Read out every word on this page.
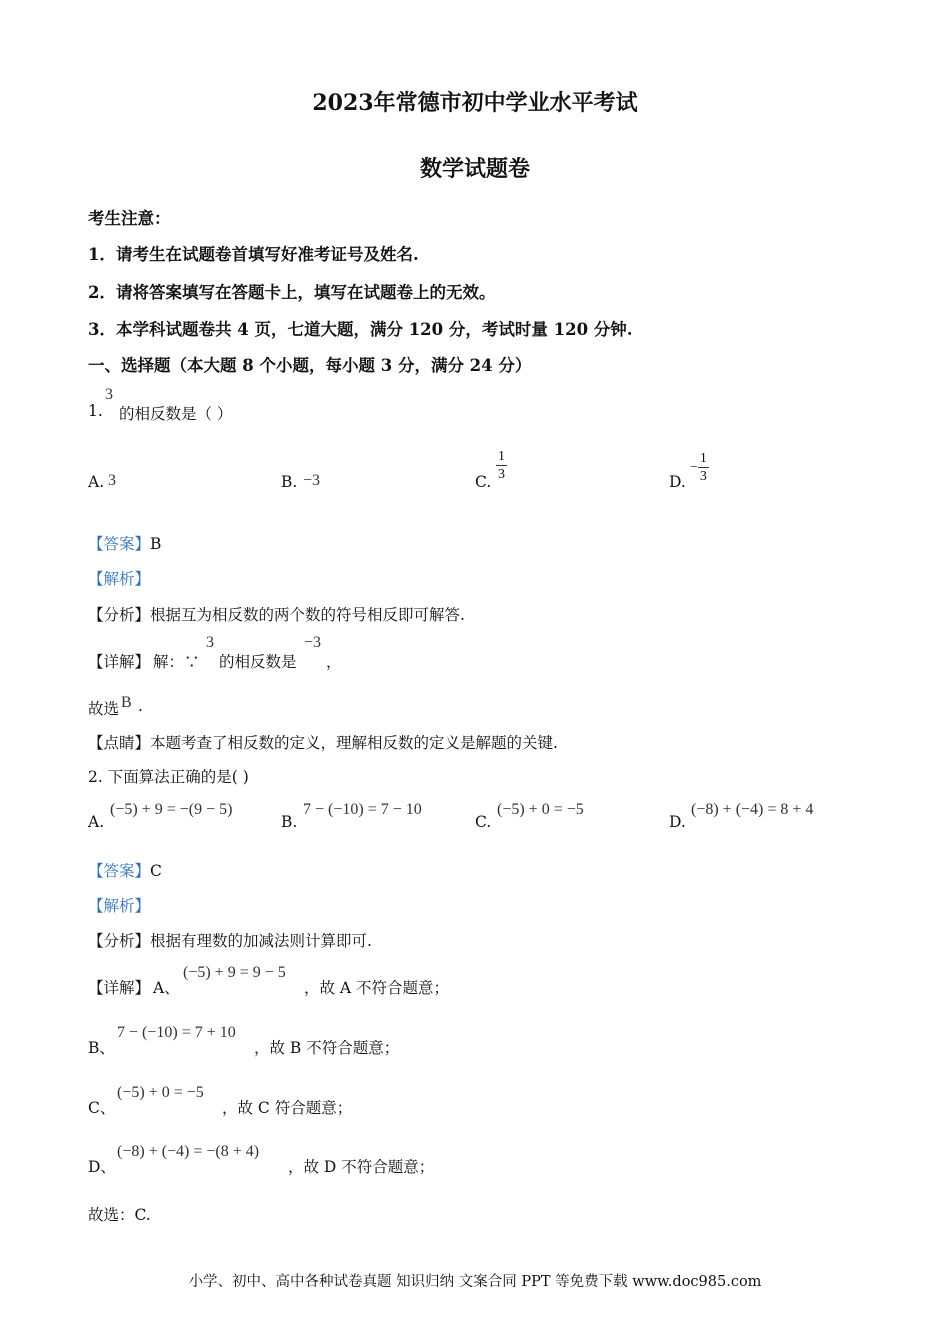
2023年常德市初中学业水平考试
数学试题卷
考生注意：
1．请考生在试题卷首填写好准考证号及姓名.
2．请将答案填写在答题卡上，填写在试题卷上的无效。
3．本学科试题卷共 4 页，七道大题，满分 120 分，考试时量 120 分钟.
一、选择题（本大题 8 个小题，每小题 3 分，满分 24 分）
1.
3
的相反数是（ ）
A. 3	B. −3	C. $\frac{1}{3}$	D.
− $\frac{1}{3}$
【答案】B
【解析】
【分析】根据互为相反数的两个数的符号相反即可解答.
【详解】 解：∵
3
的相反数是
−3
，
故选 B .
【点睛】本题考查了相反数的定义，理解相反数的定义是解题的关键.
2. 下面算法正确的是( )
A.
(−5) + 9 = −(9 − 5)
B.
7 − (−10) = 7 − 10
C.
(−5) + 0 = −5
D.
(−8) + (−4) = 8 + 4
【答案】C
【解析】
【分析】根据有理数的加减法则计算即可.
【详解】 A、
(−5) + 9 = 9 − 5
，故 A 不符合题意；
B、
7 − (−10) = 7 + 10
，故 B 不符合题意；
C、
(−5) + 0 = −5
，故 C 符合题意；
D、
(−8) + (−4) = −(8 + 4)
，故 D 不符合题意；
故选：C.
小学、初中、高中各种试卷真题 知识归纳 文案合同 PPT 等免费下载 www.doc985.com
